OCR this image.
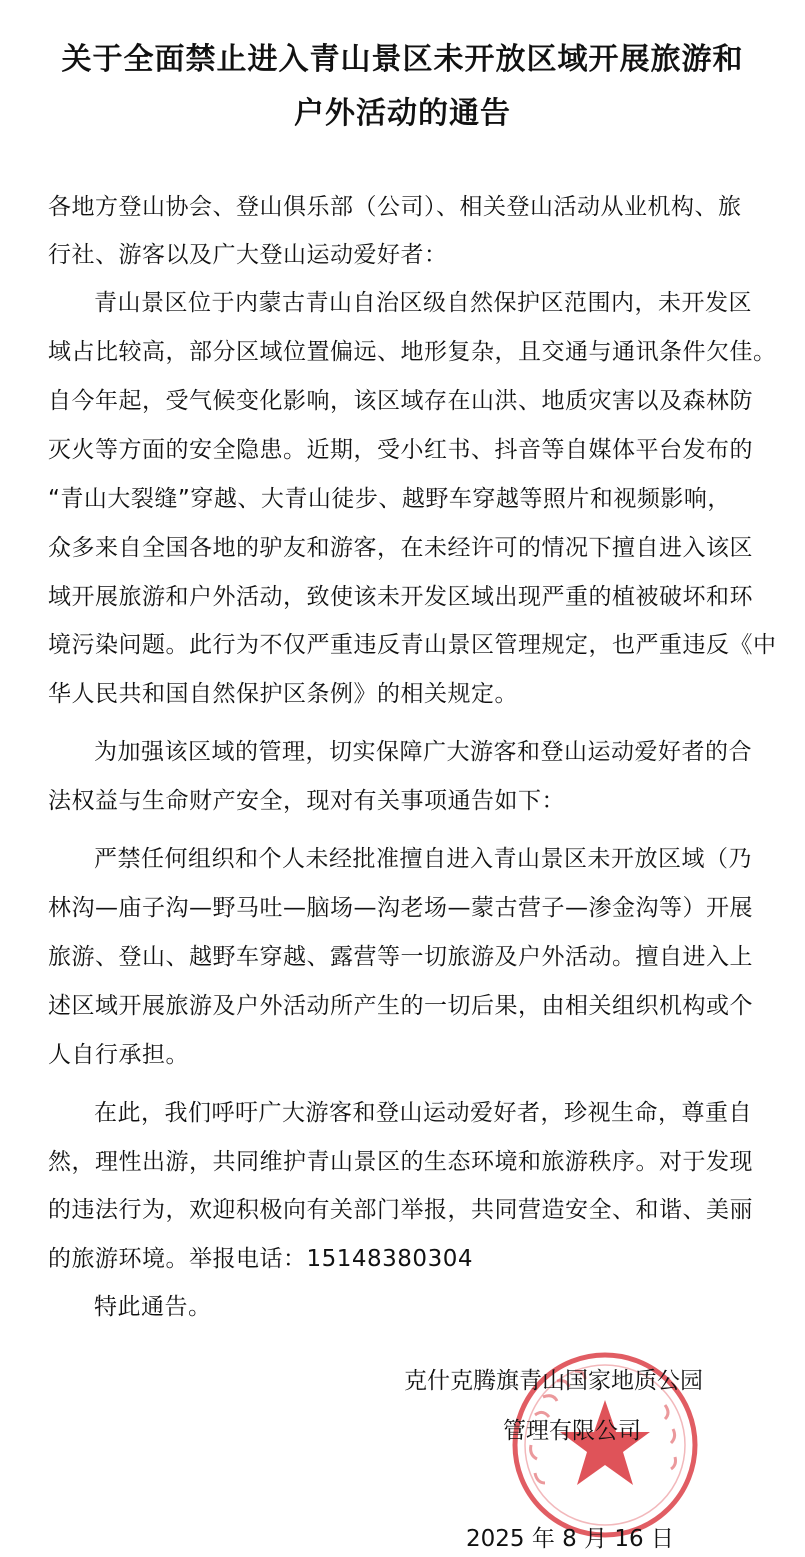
关于全面禁止进入青山景区未开放区域开展旅游和
户外活动的通告

各地方登山协会、登山俱乐部（公司）、相关登山活动从业机构、旅

行社、游客以及广大登山运动爱好者：

青山景区位于内蒙古青山自治区级自然保护区范围内，未开发区

域占比较高，部分区域位置偏远、地形复杂，且交通与通讯条件欠佳。

自今年起，受气候变化影响，该区域存在山洪、地质灾害以及森林防

灭火等方面的安全隐患。近期，受小红书、抖音等自媒体平台发布的

“青山大裂缝”穿越、大青山徒步、越野车穿越等照片和视频影响，

众多来自全国各地的驴友和游客，在未经许可的情况下擅自进入该区

域开展旅游和户外活动，致使该未开发区域出现严重的植被破坏和环

境污染问题。此行为不仅严重违反青山景区管理规定，也严重违反《中

华人民共和国自然保护区条例》的相关规定。

为加强该区域的管理，切实保障广大游客和登山运动爱好者的合

法权益与生命财产安全，现对有关事项通告如下：

严禁任何组织和个人未经批准擅自进入青山景区未开放区域（乃

林沟—庙子沟—野马吐—脑场—沟老场—蒙古营子—渗金沟等）开展

旅游、登山、越野车穿越、露营等一切旅游及户外活动。擅自进入上

述区域开展旅游及户外活动所产生的一切后果，由相关组织机构或个

人自行承担。

在此，我们呼吁广大游客和登山运动爱好者，珍视生命，尊重自

然，理性出游，共同维护青山景区的生态环境和旅游秩序。对于发现

的违法行为，欢迎积极向有关部门举报，共同营造安全、和谐、美丽

的旅游环境。举报电话：15148380304

特此通告。

克什克腾旗青山国家地质公园

管理有限公司

2025 年 8 月 16 日
